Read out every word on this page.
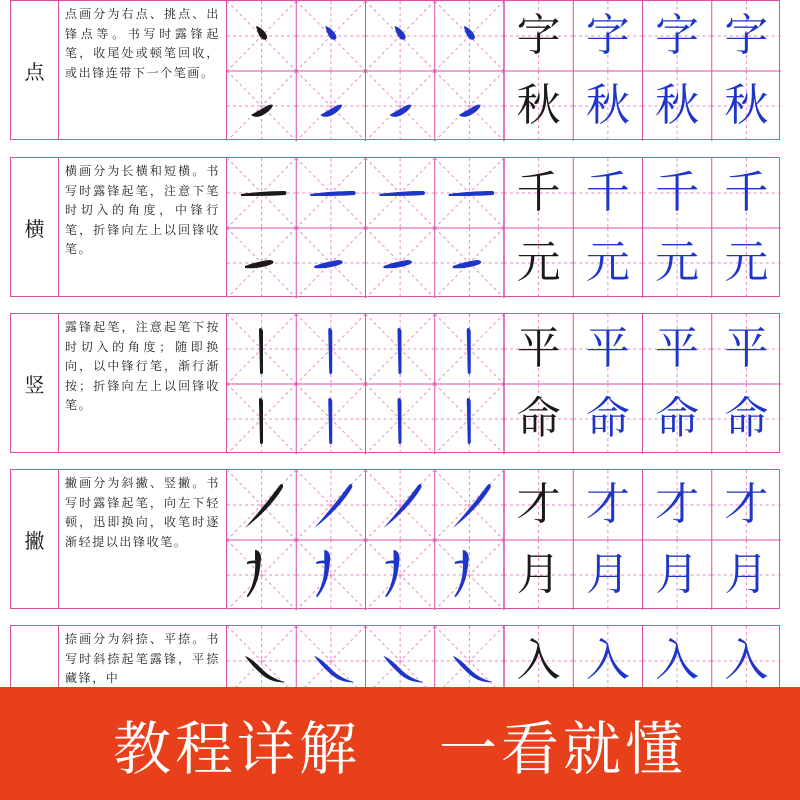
点
点画分为右点、挑点、出锋点等。书写时露锋起笔，收尾处或顿笔回收，或出锋连带下一个笔画。
字 字 字 字
秋 秋 秋 秋
横
横画分为长横和短横。书写时露锋起笔，注意下笔时切入的角度，中锋行笔，折锋向左上以回锋收笔。
千 千 千 千
元 元 元 元
竖
露锋起笔，注意起笔下按时切入的角度；随即换向，以中锋行笔，渐行渐按；折锋向左上以回锋收笔。
平 平 平 平
命 命 命 命
撇
撇画分为斜撇、竖撇。书写时露锋起笔，向左下轻顿，迅即换向，收笔时逐渐轻提以出锋收笔。
才 才 才 才
月 月 月 月
捺画分为斜捺、平捺。书写时斜捺起笔露锋，平捺藏锋，中	入 入 入 入
教程详解 一看就懂
